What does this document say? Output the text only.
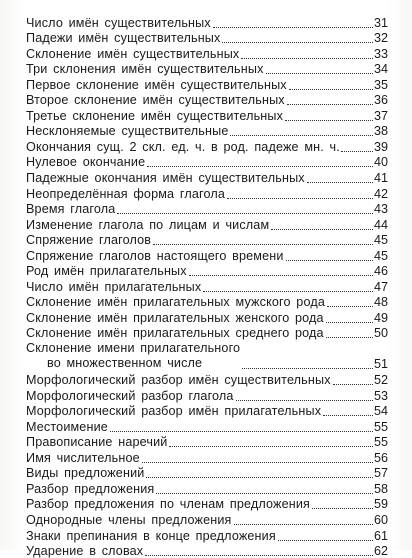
Число имён существительных	31
Падежи имён существительных	32
Склонение имён существительных	33
Три склонения имён существительных	34
Первое склонение имён существительных	35
Второе склонение имён существительных	36
Третье склонение имён существительных	37
Несклоняемые существительные	38
Окончания сущ. 2 скл. ед. ч. в род. падеже мн. ч.	39
Нулевое окончание	40
Падежные окончания имён существительных	41
Неопределённая форма глагола	42
Время глагола	43
Изменение глагола по лицам и числам	44
Спряжение глаголов	45
Спряжение глаголов настоящего времени	45
Род имён прилагательных	46
Число имён прилагательных	47
Склонение имён прилагательных мужского рода	48
Склонение имён прилагательных женского рода	49
Склонение имён прилагательных среднего рода	50
Склонение имени прилагательного
во множественном числе	51
Морфологический разбор имён существительных	52
Морфологический разбор глагола	53
Морфологический разбор имён прилагательных	54
Местоимение	55
Правописание наречий	55
Имя числительное	56
Виды предложений	57
Разбор предложения	58
Разбор предложения по членам предложения	59
Однородные члены предложения	60
Знаки препинания в конце предложения	61
Ударение в словах	62
